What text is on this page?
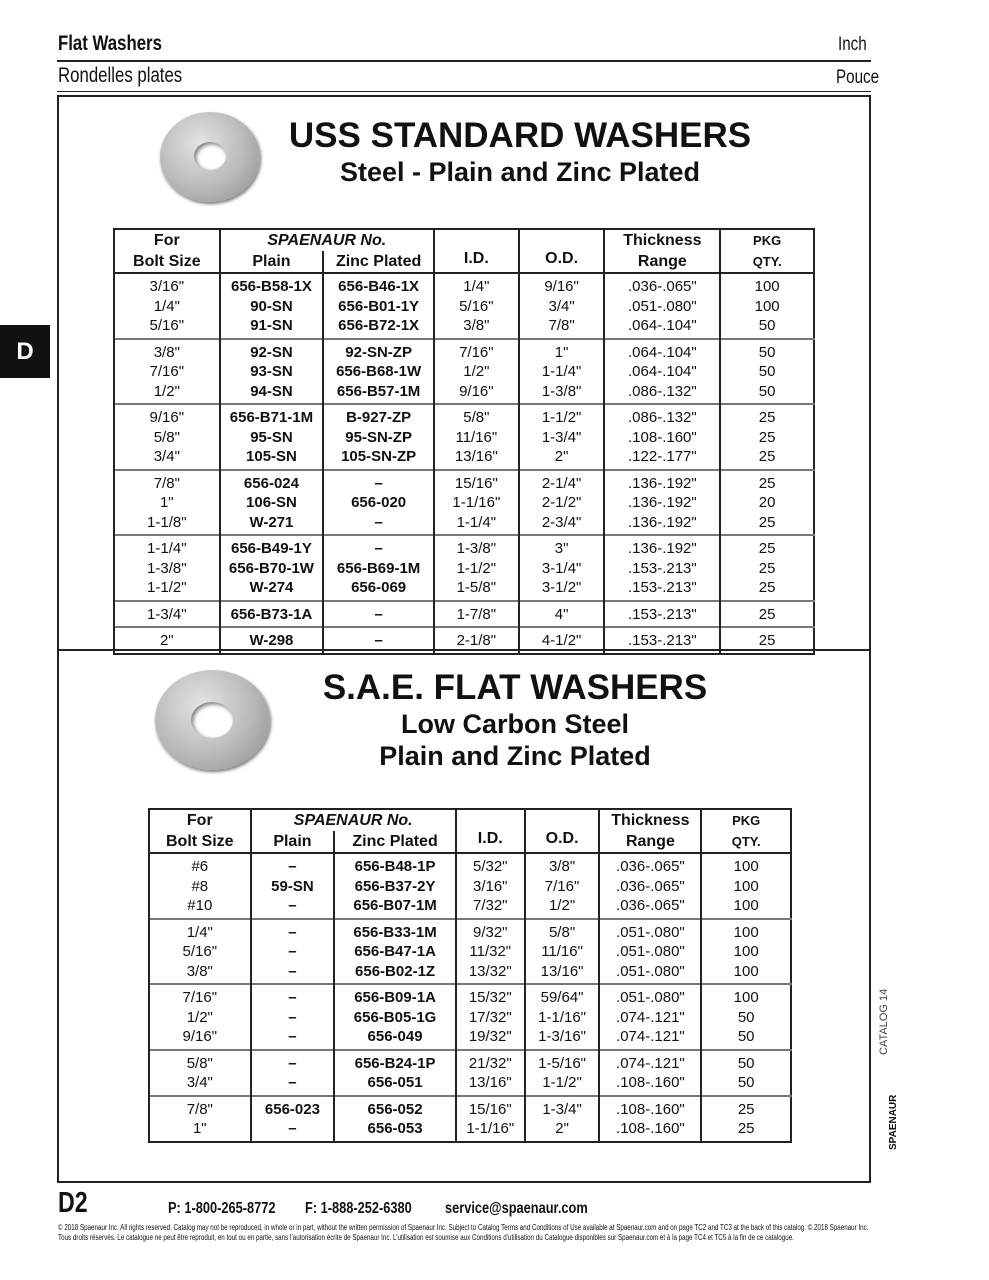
Flat Washers	Inch
Rondelles plates	Pouce
D
USS STANDARD WASHERS
Steel - Plain and Zinc Plated
For	SPAENAUR No.		I.D.	O.D.	Thickness	PKG
Bolt Size	Plain	Zinc Plated			Range	QTY.
3/16"	656-B58-1X	656-B46-1X	1/4"	9/16"	.036-.065"	100
1/4"	90-SN	656-B01-1Y	5/16"	3/4"	.051-.080"	100
5/16"	91-SN	656-B72-1X	3/8"	7/8"	.064-.104"	50
3/8"	92-SN	92-SN-ZP	7/16"	1"	.064-.104"	50
7/16"	93-SN	656-B68-1W	1/2"	1-1/4"	.064-.104"	50
1/2"	94-SN	656-B57-1M	9/16"	1-3/8"	.086-.132"	50
9/16"	656-B71-1M	B-927-ZP	5/8"	1-1/2"	.086-.132"	25
5/8"	95-SN	95-SN-ZP	11/16"	1-3/4"	.108-.160"	25
3/4"	105-SN	105-SN-ZP	13/16"	2"	.122-.177"	25
7/8"	656-024	–	15/16"	2-1/4"	.136-.192"	25
1"	106-SN	656-020	1-1/16"	2-1/2"	.136-.192"	20
1-1/8"	W-271	–	1-1/4"	2-3/4"	.136-.192"	25
1-1/4"	656-B49-1Y	–	1-3/8"	3"	.136-.192"	25
1-3/8"	656-B70-1W	656-B69-1M	1-1/2"	3-1/4"	.153-.213"	25
1-1/2"	W-274	656-069	1-5/8"	3-1/2"	.153-.213"	25
1-3/4"	656-B73-1A	–	1-7/8"	4"	.153-.213"	25
2"	W-298	–	2-1/8"	4-1/2"	.153-.213"	25
S.A.E. FLAT WASHERS
Low Carbon Steel
Plain and Zinc Plated
For	SPAENAUR No.		I.D.	O.D.	Thickness	PKG
Bolt Size	Plain	Zinc Plated			Range	QTY.
#6	–	656-B48-1P	5/32"	3/8"	.036-.065"	100
#8	59-SN	656-B37-2Y	3/16"	7/16"	.036-.065"	100
#10	–	656-B07-1M	7/32"	1/2"	.036-.065"	100
1/4"	–	656-B33-1M	9/32"	5/8"	.051-.080"	100
5/16"	–	656-B47-1A	11/32"	11/16"	.051-.080"	100
3/8"	–	656-B02-1Z	13/32"	13/16"	.051-.080"	100
7/16"	–	656-B09-1A	15/32"	59/64"	.051-.080"	100
1/2"	–	656-B05-1G	17/32"	1-1/16"	.074-.121"	50
9/16"	–	656-049	19/32"	1-3/16"	.074-.121"	50
5/8"	–	656-B24-1P	21/32"	1-5/16"	.074-.121"	50
3/4"	–	656-051	13/16"	1-1/2"	.108-.160"	50
7/8"	656-023	656-052	15/16"	1-3/4"	.108-.160"	25
1"	–	656-053	1-1/16"	2"	.108-.160"	25
CATALOG 14
SPAENAUR
D2	P: 1-800-265-8772 F: 1-888-252-6380 service@spaenaur.com
© 2018 Spaenaur Inc. All rights reserved. Catalog may not be reproduced, in whole or in part, without the written permission of Spaenaur Inc. Subject to Catalog Terms and Conditions of Use available at Spaenaur.com and on page TC2 and TC3 at the back of this catalog. © 2018 Spaenaur Inc. Tous droits réservés. Le catalogue ne peut être reproduit, en tout ou en partie, sans l’autorisation écrite de Spaenaur Inc. L’utilisation est soumise aux Conditions d’utilisation du Catalogue disponibles sur Spaenaur.com et à la page TC4 et TC5 à la fin de ce catalogue.
